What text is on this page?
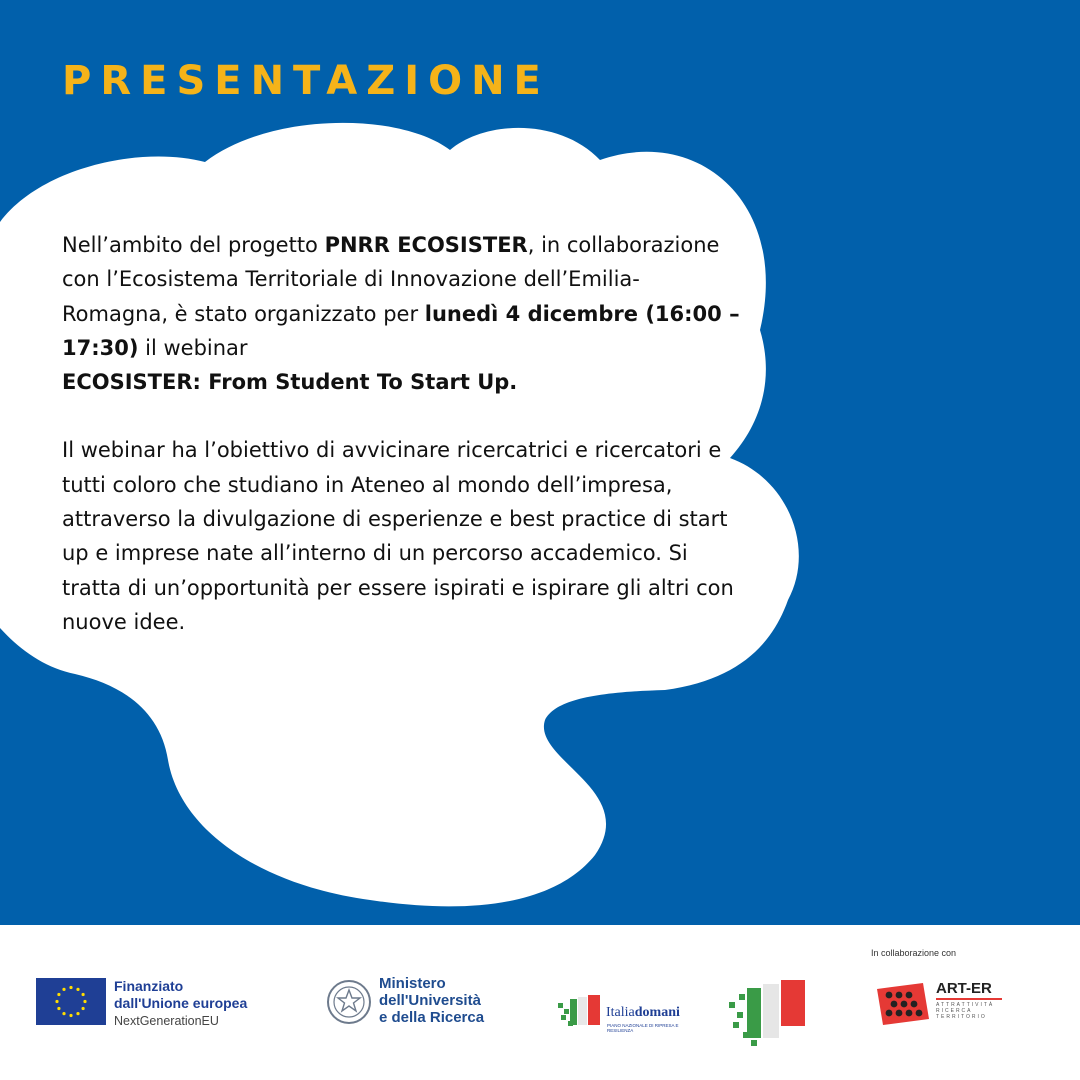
PRESENTAZIONE

Nell’ambito del progetto PNRR ECOSISTER, in collaborazione con l’Ecosistema Territoriale di Innovazione dell’Emilia-Romagna, è stato organizzato per lunedì 4 dicembre (16:00 – 17:30) il webinar
ECOSISTER: From Student To Start Up.

Il webinar ha l’obiettivo di avvicinare ricercatrici e ricercatori e tutti coloro che studiano in Ateneo al mondo dell’impresa, attraverso la divulgazione di esperienze e best practice di start up e imprese nate all’interno di un percorso accademico. Si tratta di un’opportunità per essere ispirati e ispirare gli altri con nuove idee.

In collaborazione con
Finanziato
dall'Unione europea
NextGenerationEU
Ministero
dell'Università
e della Ricerca	Italiadomani
PIANO NAZIONALE DI RIPRESA E RESILIENZA
ART-ER
ATTRATTIVITÀ RICERCA TERRITORIO
